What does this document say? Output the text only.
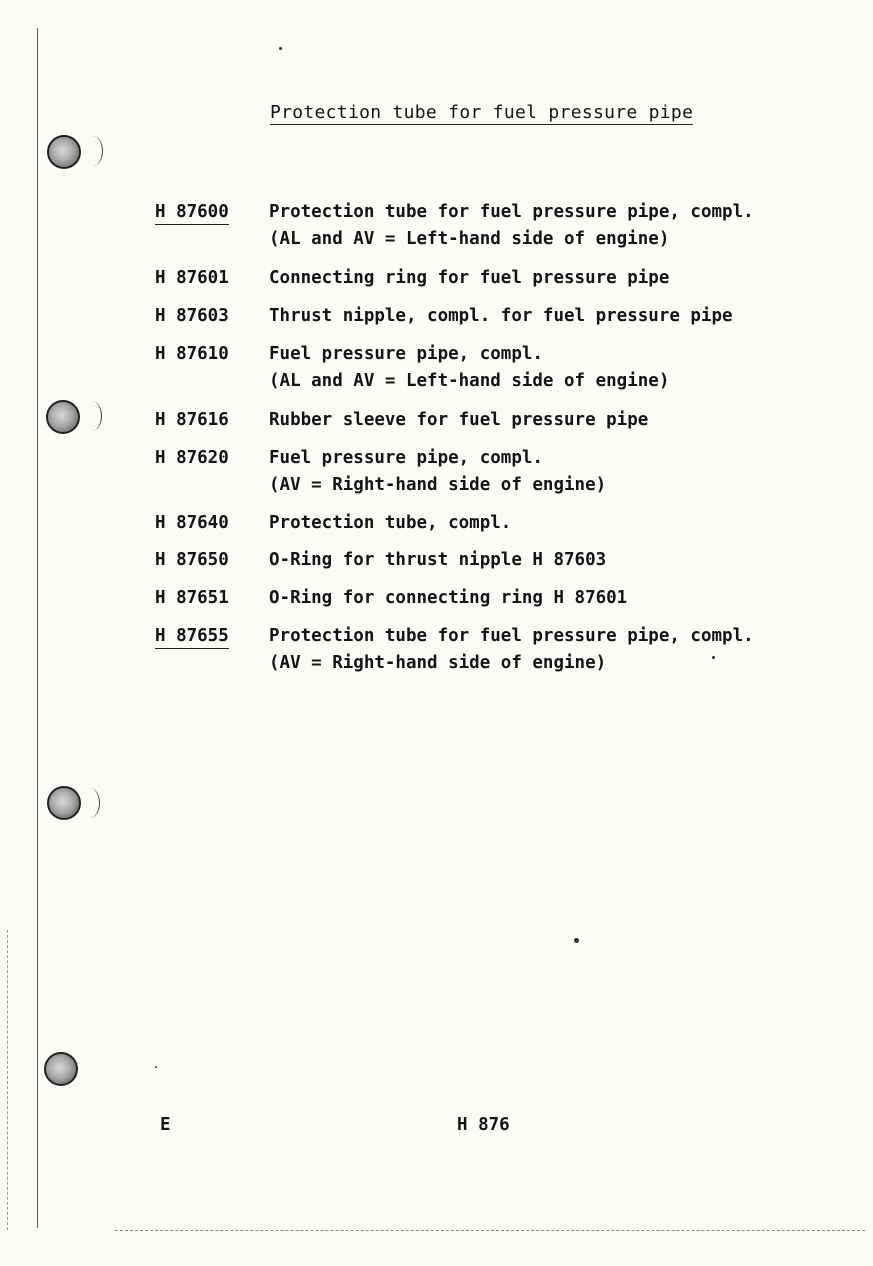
Protection tube for fuel pressure pipe
H 87600	Protection tube for fuel pressure pipe, compl.
(AL and AV = Left-hand side of engine)
H 87601	Connecting ring for fuel pressure pipe
H 87603	Thrust nipple, compl. for fuel pressure pipe
H 87610	Fuel pressure pipe, compl.
(AL and AV = Left-hand side of engine)
H 87616	Rubber sleeve for fuel pressure pipe
H 87620	Fuel pressure pipe, compl.
(AV = Right-hand side of engine)
H 87640	Protection tube, compl.
H 87650	O-Ring for thrust nipple H 87603
H 87651	O-Ring for connecting ring H 87601
H 87655	Protection tube for fuel pressure pipe, compl.
(AV = Right-hand side of engine)
E	H 876
